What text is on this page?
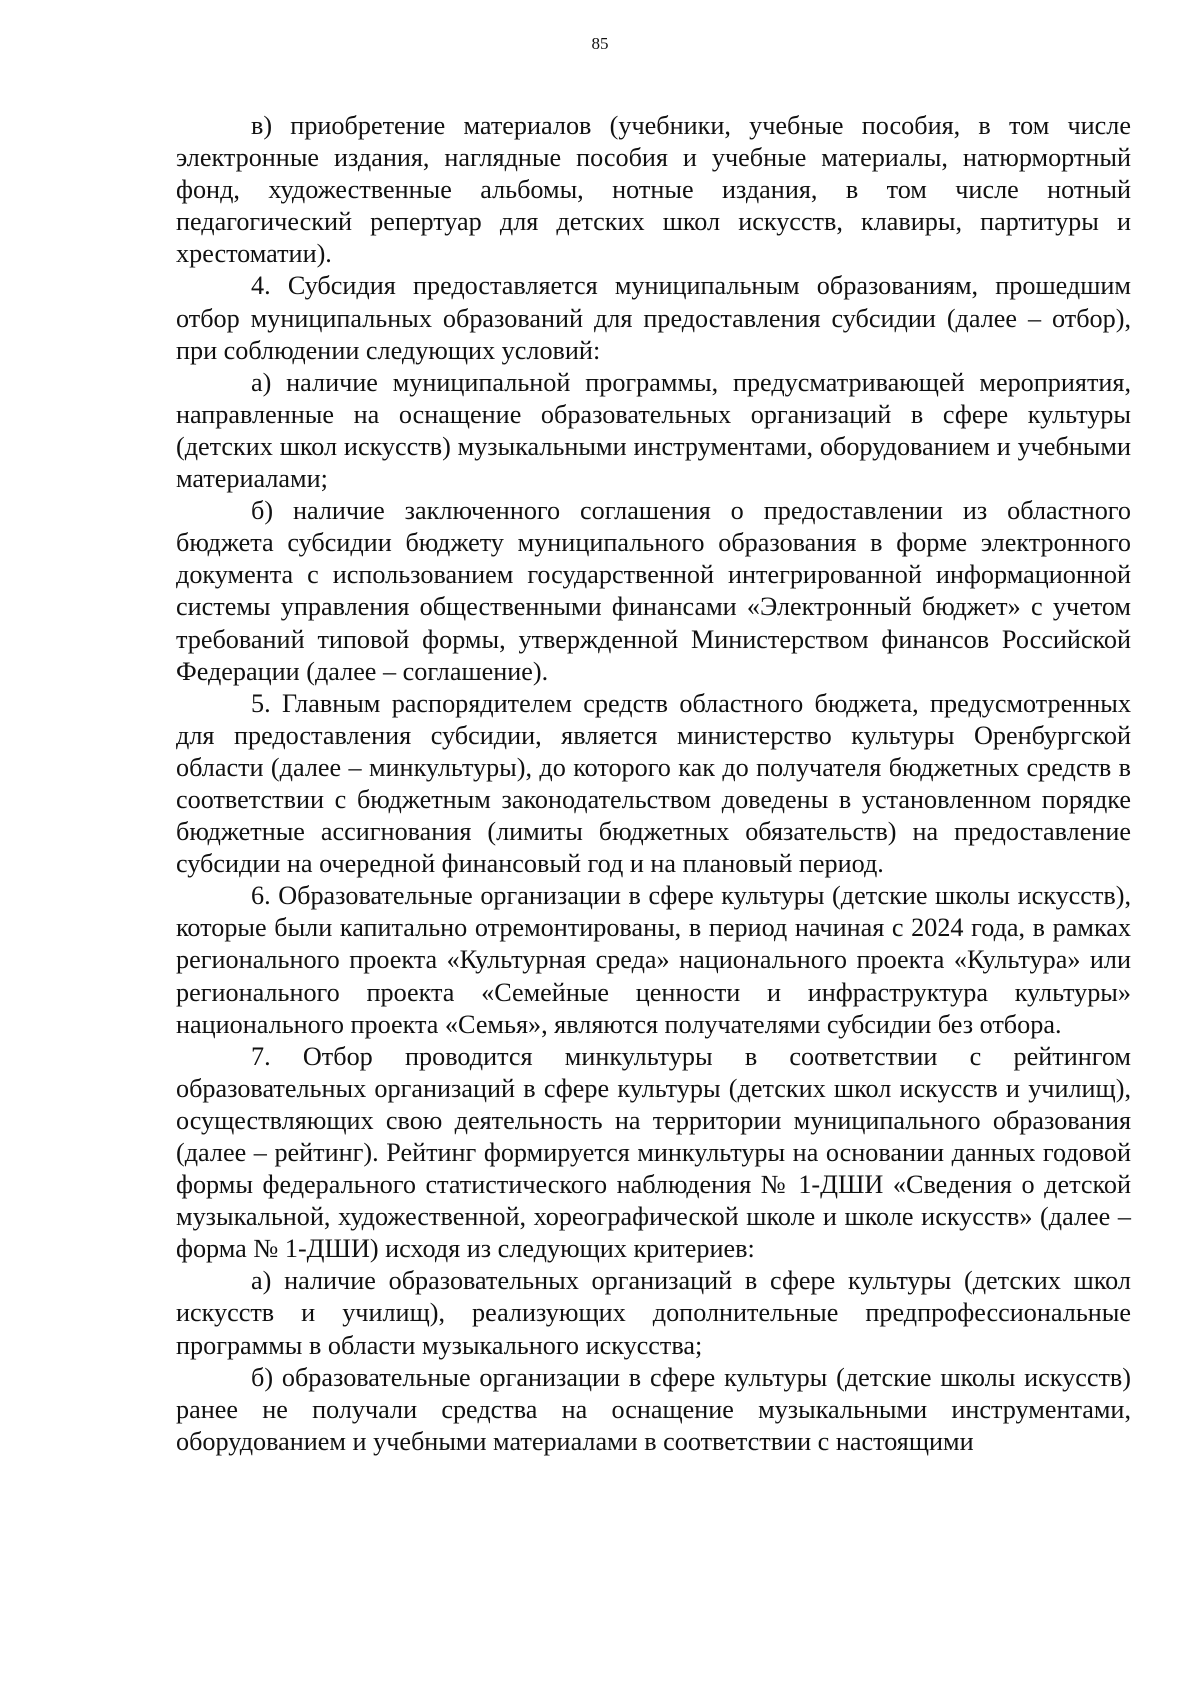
85

в) приобретение материалов (учебники, учебные пособия, в том числе электронные издания, наглядные пособия и учебные материалы, натюрмортный фонд, художественные альбомы, нотные издания, в том числе нотный педагогический репертуар для детских школ искусств, клавиры, партитуры и хрестоматии).

4. Субсидия предоставляется муниципальным образованиям, прошедшим отбор муниципальных образований для предоставления субсидии (далее – отбор), при соблюдении следующих условий:

а) наличие муниципальной программы, предусматривающей мероприятия, направленные на оснащение образовательных организаций в сфере культуры (детских школ искусств) музыкальными инструментами, оборудованием и учебными материалами;

б) наличие заключенного соглашения о предоставлении из областного бюджета субсидии бюджету муниципального образования в форме электронного документа с использованием государственной интегрированной информационной системы управления общественными финансами «Электронный бюджет» с учетом требований типовой формы, утвержденной Министерством финансов Российской Федерации (далее – соглашение).

5. Главным распорядителем средств областного бюджета, предусмотренных для предоставления субсидии, является министерство культуры Оренбургской области (далее – минкультуры), до которого как до получателя бюджетных средств в соответствии с бюджетным законодательством доведены в установленном порядке бюджетные ассигнования (лимиты бюджетных обязательств) на предоставление субсидии на очередной финансовый год и на плановый период.

6. Образовательные организации в сфере культуры (детские школы искусств), которые были капитально отремонтированы, в период начиная с 2024 года, в рамках регионального проекта «Культурная среда» национального проекта «Культура» или регионального проекта «Семейные ценности и инфраструктура культуры» национального проекта «Семья», являются получателями субсидии без отбора.

7. Отбор проводится минкультуры в соответствии с рейтингом образовательных организаций в сфере культуры (детских школ искусств и училищ), осуществляющих свою деятельность на территории муниципального образования (далее – рейтинг). Рейтинг формируется минкультуры на основании данных годовой формы федерального статистического наблюдения № 1-ДШИ «Сведения о детской музыкальной, художественной, хореографической школе и школе искусств» (далее – форма № 1-ДШИ) исходя из следующих критериев:

а) наличие образовательных организаций в сфере культуры (детских школ искусств и училищ), реализующих дополнительные предпрофессиональные программы в области музыкального искусства;

б) образовательные организации в сфере культуры (детские школы искусств) ранее не получали средства на оснащение музыкальными инструментами, оборудованием и учебными материалами в соответствии с настоящими
